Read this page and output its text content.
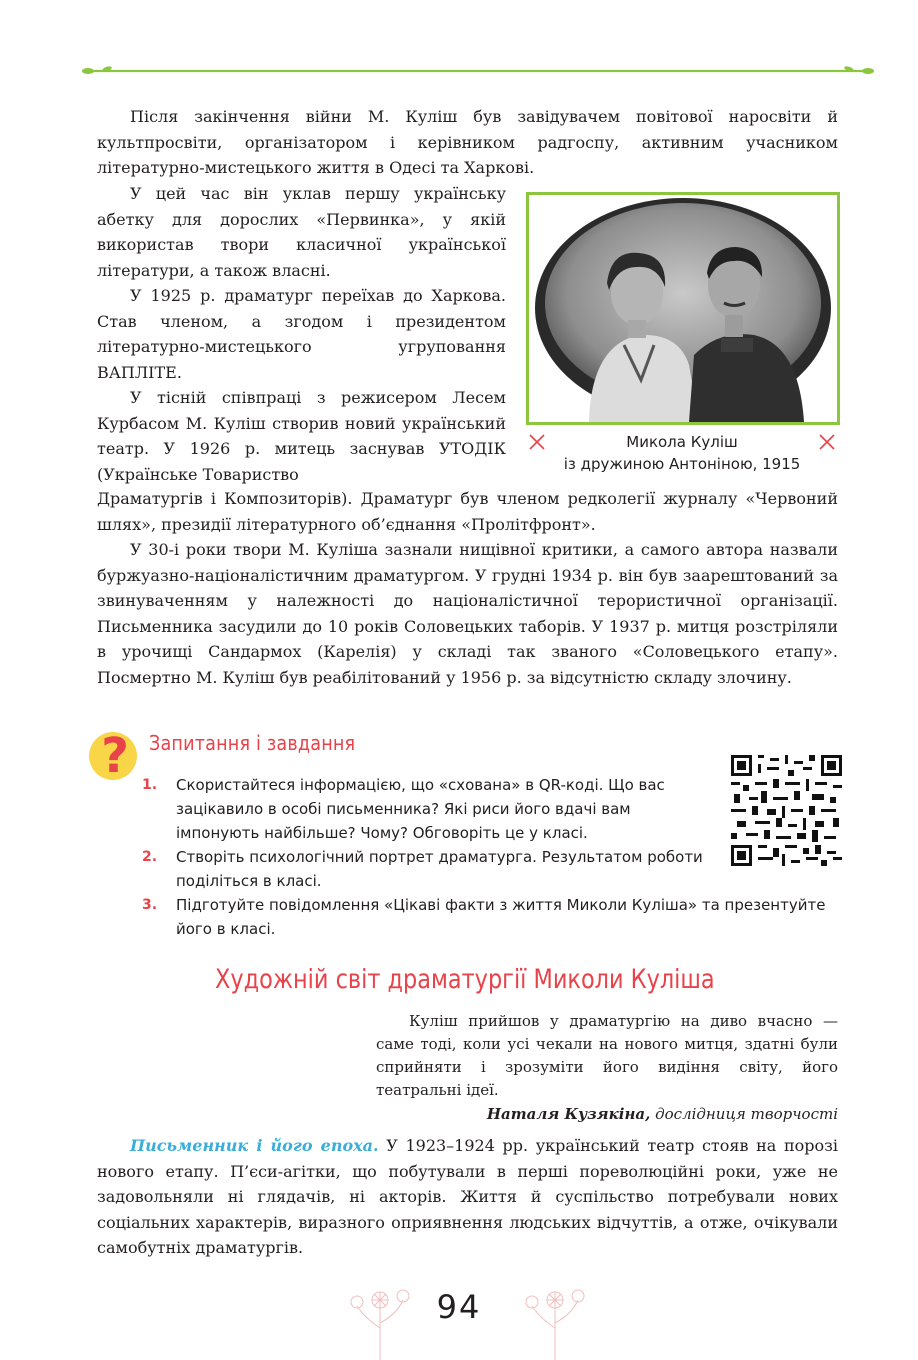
Після закінчення війни М. Куліш був завідувачем повітової наросвіти й культпросвіти, організатором і керівником радгоспу, активним учасником літературно-мистецького життя в Одесі та Харкові.

У цей час він уклав першу українську абетку для дорослих «Первинка», у якій використав твори класичної української літератури, а також власні.

У 1925 р. драматург переїхав до Харкова. Став членом, а згодом і президентом літературно-мистецького угруповання ВАПЛІТЕ.

У тісній співпраці з режисером Лесем Курбасом М. Куліш створив новий український театр. У 1926 р. митець заснував УТОДІК (Українське Товариство

Микола Куліш
із дружиною Антоніною, 1915

Драматургів і Композиторів). Драматург був членом редколегії журналу «Червоний шлях», президії літературного об’єднання «Пролітфронт».

У 30-і роки твори М. Куліша зазнали нищівної критики, а самого автора назвали буржуазно-націоналістичним драматургом. У грудні 1934 р. він був заарештований за звинуваченням у належності до націоналістичної терористичної організації. Письменника засудили до 10 років Соловецьких таборів. У 1937 р. митця розстріляли в урочищі Сандармох (Карелія) у складі так званого «Соловецького етапу». Посмертно М. Куліш був реабілітований у 1956 р. за відсутністю складу злочину.

? Запитання і завдання
1. Скористайтеся інформацією, що «схована» в QR-коді. Що вас зацікавило в особі письменника? Які риси його вдачі вам імпонують найбільше? Чому? Обговоріть це у класі.
2. Створіть психологічний портрет драматурга. Результатом роботи поділіться в класі.
3. Підготуйте повідомлення «Цікаві факти з життя Миколи Куліша» та презентуйте його в класі.
Художній світ драматургії Миколи Куліша

Куліш прийшов у драматургію на диво вчасно — саме тоді, коли усі чекали на нового митця, здатні були сприйняти і зрозуміти його видіння світу, його театральні ідеї.

Наталя Кузякіна, дослідниця творчості

Письменник і його епоха. У 1923–1924 рр. український театр стояв на порозі нового етапу. П’єси-агітки, що побутували в перші пореволюційні роки, уже не задовольняли ні глядачів, ні акторів. Життя й суспільство потребували нових соціальних характерів, виразного оприявнення людських відчуттів, а отже, очікували самобутніх драматургів.

94
